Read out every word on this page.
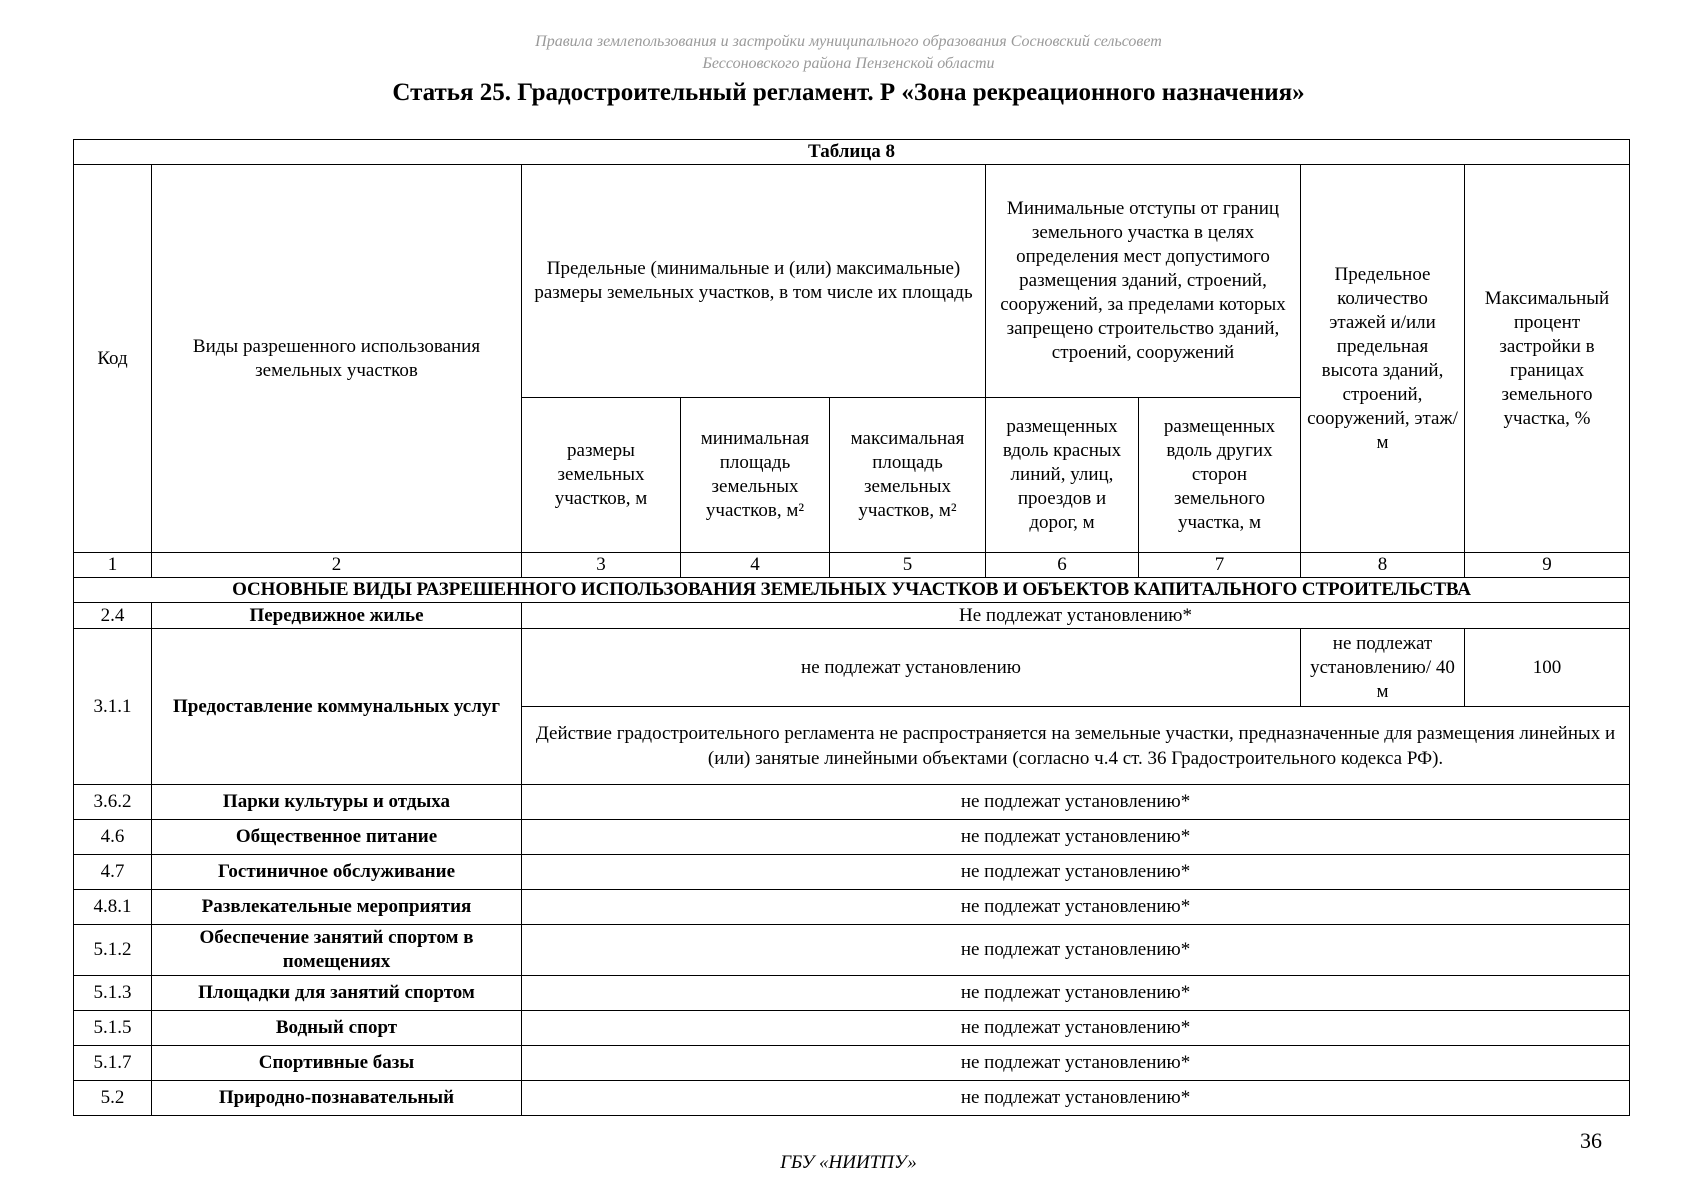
Правила землепользования и застройки муниципального образования Сосновский сельсовет
Бессоновского района Пензенской области
Статья 25. Градостроительный регламент. Р «Зона рекреационного назначения»
Таблица 8								
Код	Виды разрешенного использования земельных участков	Предельные (минимальные и (или) максимальные) размеры земельных участков, в том числе их площадь			Минимальные отступы от границ земельного участка в целях определения мест допустимого размещения зданий, строений, сооружений, за пределами которых запрещено строительство зданий, строений, сооружений		Предельное количество этажей и/или предельная высота зданий, строений, сооружений, этаж/м	Максимальный процент застройки в границах земельного участка, %
		размеры земельных участков, м	минимальная площадь земельных участков, м²	максимальная площадь земельных участков, м²	размещенных вдоль красных линий, улиц, проездов и дорог, м	размещенных вдоль других сторон земельного участка, м		
1	2	3	4	5	6	7	8	9
ОСНОВНЫЕ ВИДЫ РАЗРЕШЕННОГО ИСПОЛЬЗОВАНИЯ ЗЕМЕЛЬНЫХ УЧАСТКОВ И ОБЪЕКТОВ КАПИТАЛЬНОГО СТРОИТЕЛЬСТВА								
2.4	Передвижное жилье	Не подлежат установлению*						
3.1.1	Предоставление коммунальных услуг	не подлежат установлению					не подлежат установлению/ 40 м	100
		Действие градостроительного регламента не распространяется на земельные участки, предназначенные для размещения линейных и (или) занятые линейными объектами (согласно ч.4 ст. 36 Градостроительного кодекса РФ).						
3.6.2	Парки культуры и отдыха	не подлежат установлению*						
4.6	Общественное питание	не подлежат установлению*						
4.7	Гостиничное обслуживание	не подлежат установлению*						
4.8.1	Развлекательные мероприятия	не подлежат установлению*						
5.1.2	Обеспечение занятий спортом в помещениях	не подлежат установлению*						
5.1.3	Площадки для занятий спортом	не подлежат установлению*						
5.1.5	Водный спорт	не подлежат установлению*						
5.1.7	Спортивные базы	не подлежат установлению*						
5.2	Природно-познавательный	не подлежат установлению*						
36
ГБУ «НИИТПУ»
